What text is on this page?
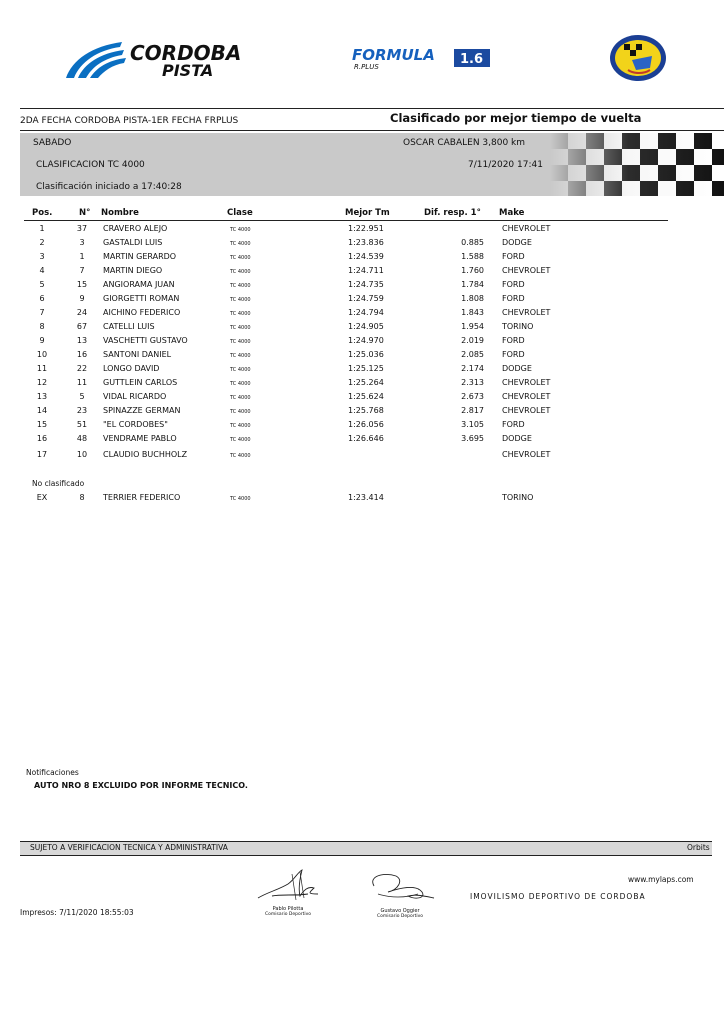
CORDOBA
PISTA
FORMULA
R.PLUS	1.6
2DA FECHA CORDOBA PISTA-1ER FECHA FRPLUS	Clasificado por mejor tiempo de vuelta
SABADO	OSCAR CABALEN 3,800 km
CLASIFICACION TC 4000	7/11/2020 17:41
Clasificación iniciado a 17:40:28
Pos.	N° Nombre	Clase	Mejor Tm	Dif. resp. 1° Make
1	37	CRAVERO ALEJO	TC 4000	1:22.951	CHEVROLET
2	3	GASTALDI LUIS	TC 4000	1:23.836	0.885 DODGE
3	1	MARTIN GERARDO	TC 4000	1:24.539	1.588 FORD
4	7	MARTIN DIEGO	TC 4000	1:24.711	1.760 CHEVROLET
5	15	ANGIORAMA JUAN	TC 4000	1:24.735	1.784 FORD
6	9	GIORGETTI ROMAN	TC 4000	1:24.759	1.808 FORD
7	24	AICHINO FEDERICO	TC 4000	1:24.794	1.843 CHEVROLET
8	67	CATELLI LUIS	TC 4000	1:24.905	1.954 TORINO
9	13	VASCHETTI GUSTAVO	TC 4000	1:24.970	2.019 FORD
10	16	SANTONI DANIEL	TC 4000	1:25.036	2.085 FORD
11	22	LONGO DAVID	TC 4000	1:25.125	2.174 DODGE
12	11	GUTTLEIN CARLOS	TC 4000	1:25.264	2.313 CHEVROLET
13	5	VIDAL RICARDO	TC 4000	1:25.624	2.673 CHEVROLET
14	23	SPINAZZE GERMAN	TC 4000	1:25.768	2.817 CHEVROLET
15	51	"EL CORDOBES"	TC 4000	1:26.056	3.105 FORD
16	48	VENDRAME PABLO	TC 4000	1:26.646	3.695 DODGE
17	10	CLAUDIO BUCHHOLZ	TC 4000	CHEVROLET
No clasificado
EX	8	TERRIER FEDERICO	TC 4000	1:23.414	TORINO
Notificaciones
AUTO NRO 8 EXCLUIDO POR INFORME TECNICO.
SUJETO A VERIFICACION TECNICA Y ADMINISTRATIVA	Orbits
www.mylaps.com
IMOVILISMO DEPORTIVO DE CORDOBA
Impresos: 7/11/2020 18:55:03	Pablo Pilotta
Comisario Deportivo
Gustavo Oggier
Comisario Deportivo
